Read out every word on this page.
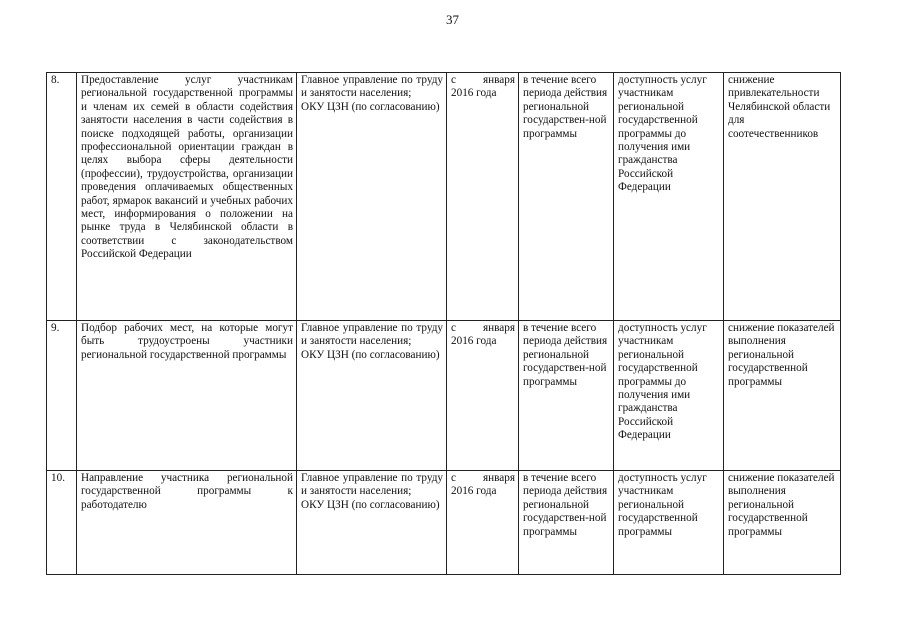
37
8.	Предоставление услуг участникам региональной государственной программы и членам их семей в области содействия занятости населения в части содействия в поиске подходящей работы, организации профессиональной ориентации граждан в целях выбора сферы деятельности (профессии), трудоустройства, организации проведения оплачиваемых общественных работ, ярмарок вакансий и учебных рабочих мест, информирования о положении на рынке труда в Челябинской области в соответствии с законодательством Российской Федерации	Главное управление по труду и занятости населения;
ОКУ ЦЗН (по согласованию)	с января 2016 года	в течение всего периода действия региональной государствен-ной программы	доступность услуг участникам региональной государственной программы до получения ими гражданства Российской Федерации	снижение привлекательности Челябинской области для соотечественников
9.	Подбор рабочих мест, на которые могут быть трудоустроены участники региональной государственной программы	Главное управление по труду и занятости населения;
ОКУ ЦЗН (по согласованию)	с января 2016 года	в течение всего периода действия региональной государствен-ной программы	доступность услуг участникам региональной государственной программы до получения ими гражданства Российской Федерации	снижение показателей выполнения региональной государственной программы
10.	Направление участника региональной государственной программы к работодателю	Главное управление по труду и занятости населения;
ОКУ ЦЗН (по согласованию)	с января 2016 года	в течение всего периода действия региональной государствен-ной программы	доступность услуг участникам региональной государственной программы	снижение показателей выполнения региональной государственной программы
